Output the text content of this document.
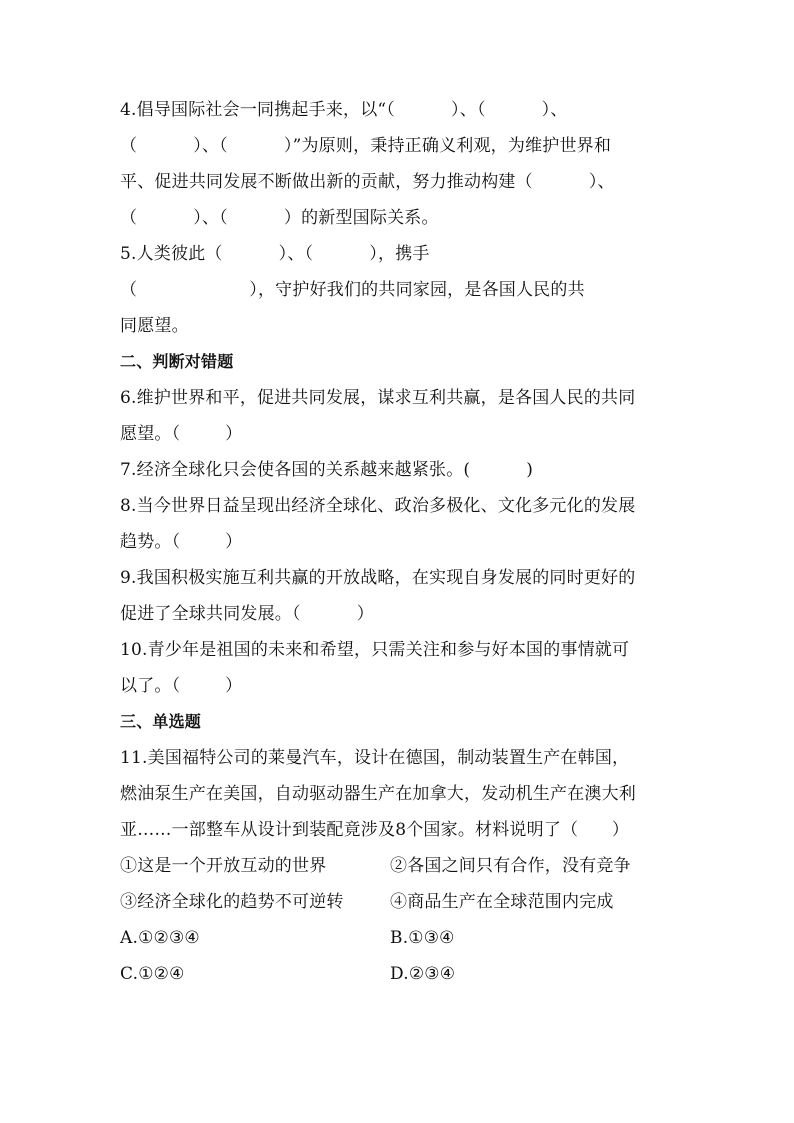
4.倡导国际社会一同携起手来，以“（          ）、（          ）、
（          ）、（          ）”为原则，秉持正确义利观，为维护世界和
平、促进共同发展不断做出新的贡献，努力推动构建（          ）、
（          ）、（          ）的新型国际关系。
5.人类彼此（          ）、（          ），携手
（                    ），守护好我们的共同家园，是各国人民的共
同愿望。
二、判断对错题
6.维护世界和平，促进共同发展，谋求互利共赢，是各国人民的共同
愿望。（        ）
7.经济全球化只会使各国的关系越来越紧张。(          )
8.当今世界日益呈现出经济全球化、政治多极化、文化多元化的发展
趋势。（        ）
9.我国积极实施互利共赢的开放战略，在实现自身发展的同时更好的
促进了全球共同发展。（          ）
10.青少年是祖国的未来和希望，只需关注和参与好本国的事情就可
以了。（        ）
三、单选题
11.美国福特公司的莱曼汽车，设计在德国，制动装置生产在韩国，
燃油泵生产在美国，自动驱动器生产在加拿大，发动机生产在澳大利
亚……一部整车从设计到装配竟涉及8个国家。材料说明了（      ）
①这是一个开放互动的世界	②各国之间只有合作，没有竞争
③经济全球化的趋势不可逆转	④商品生产在全球范围内完成
A.①②③④	B.①③④
C.①②④	D.②③④
